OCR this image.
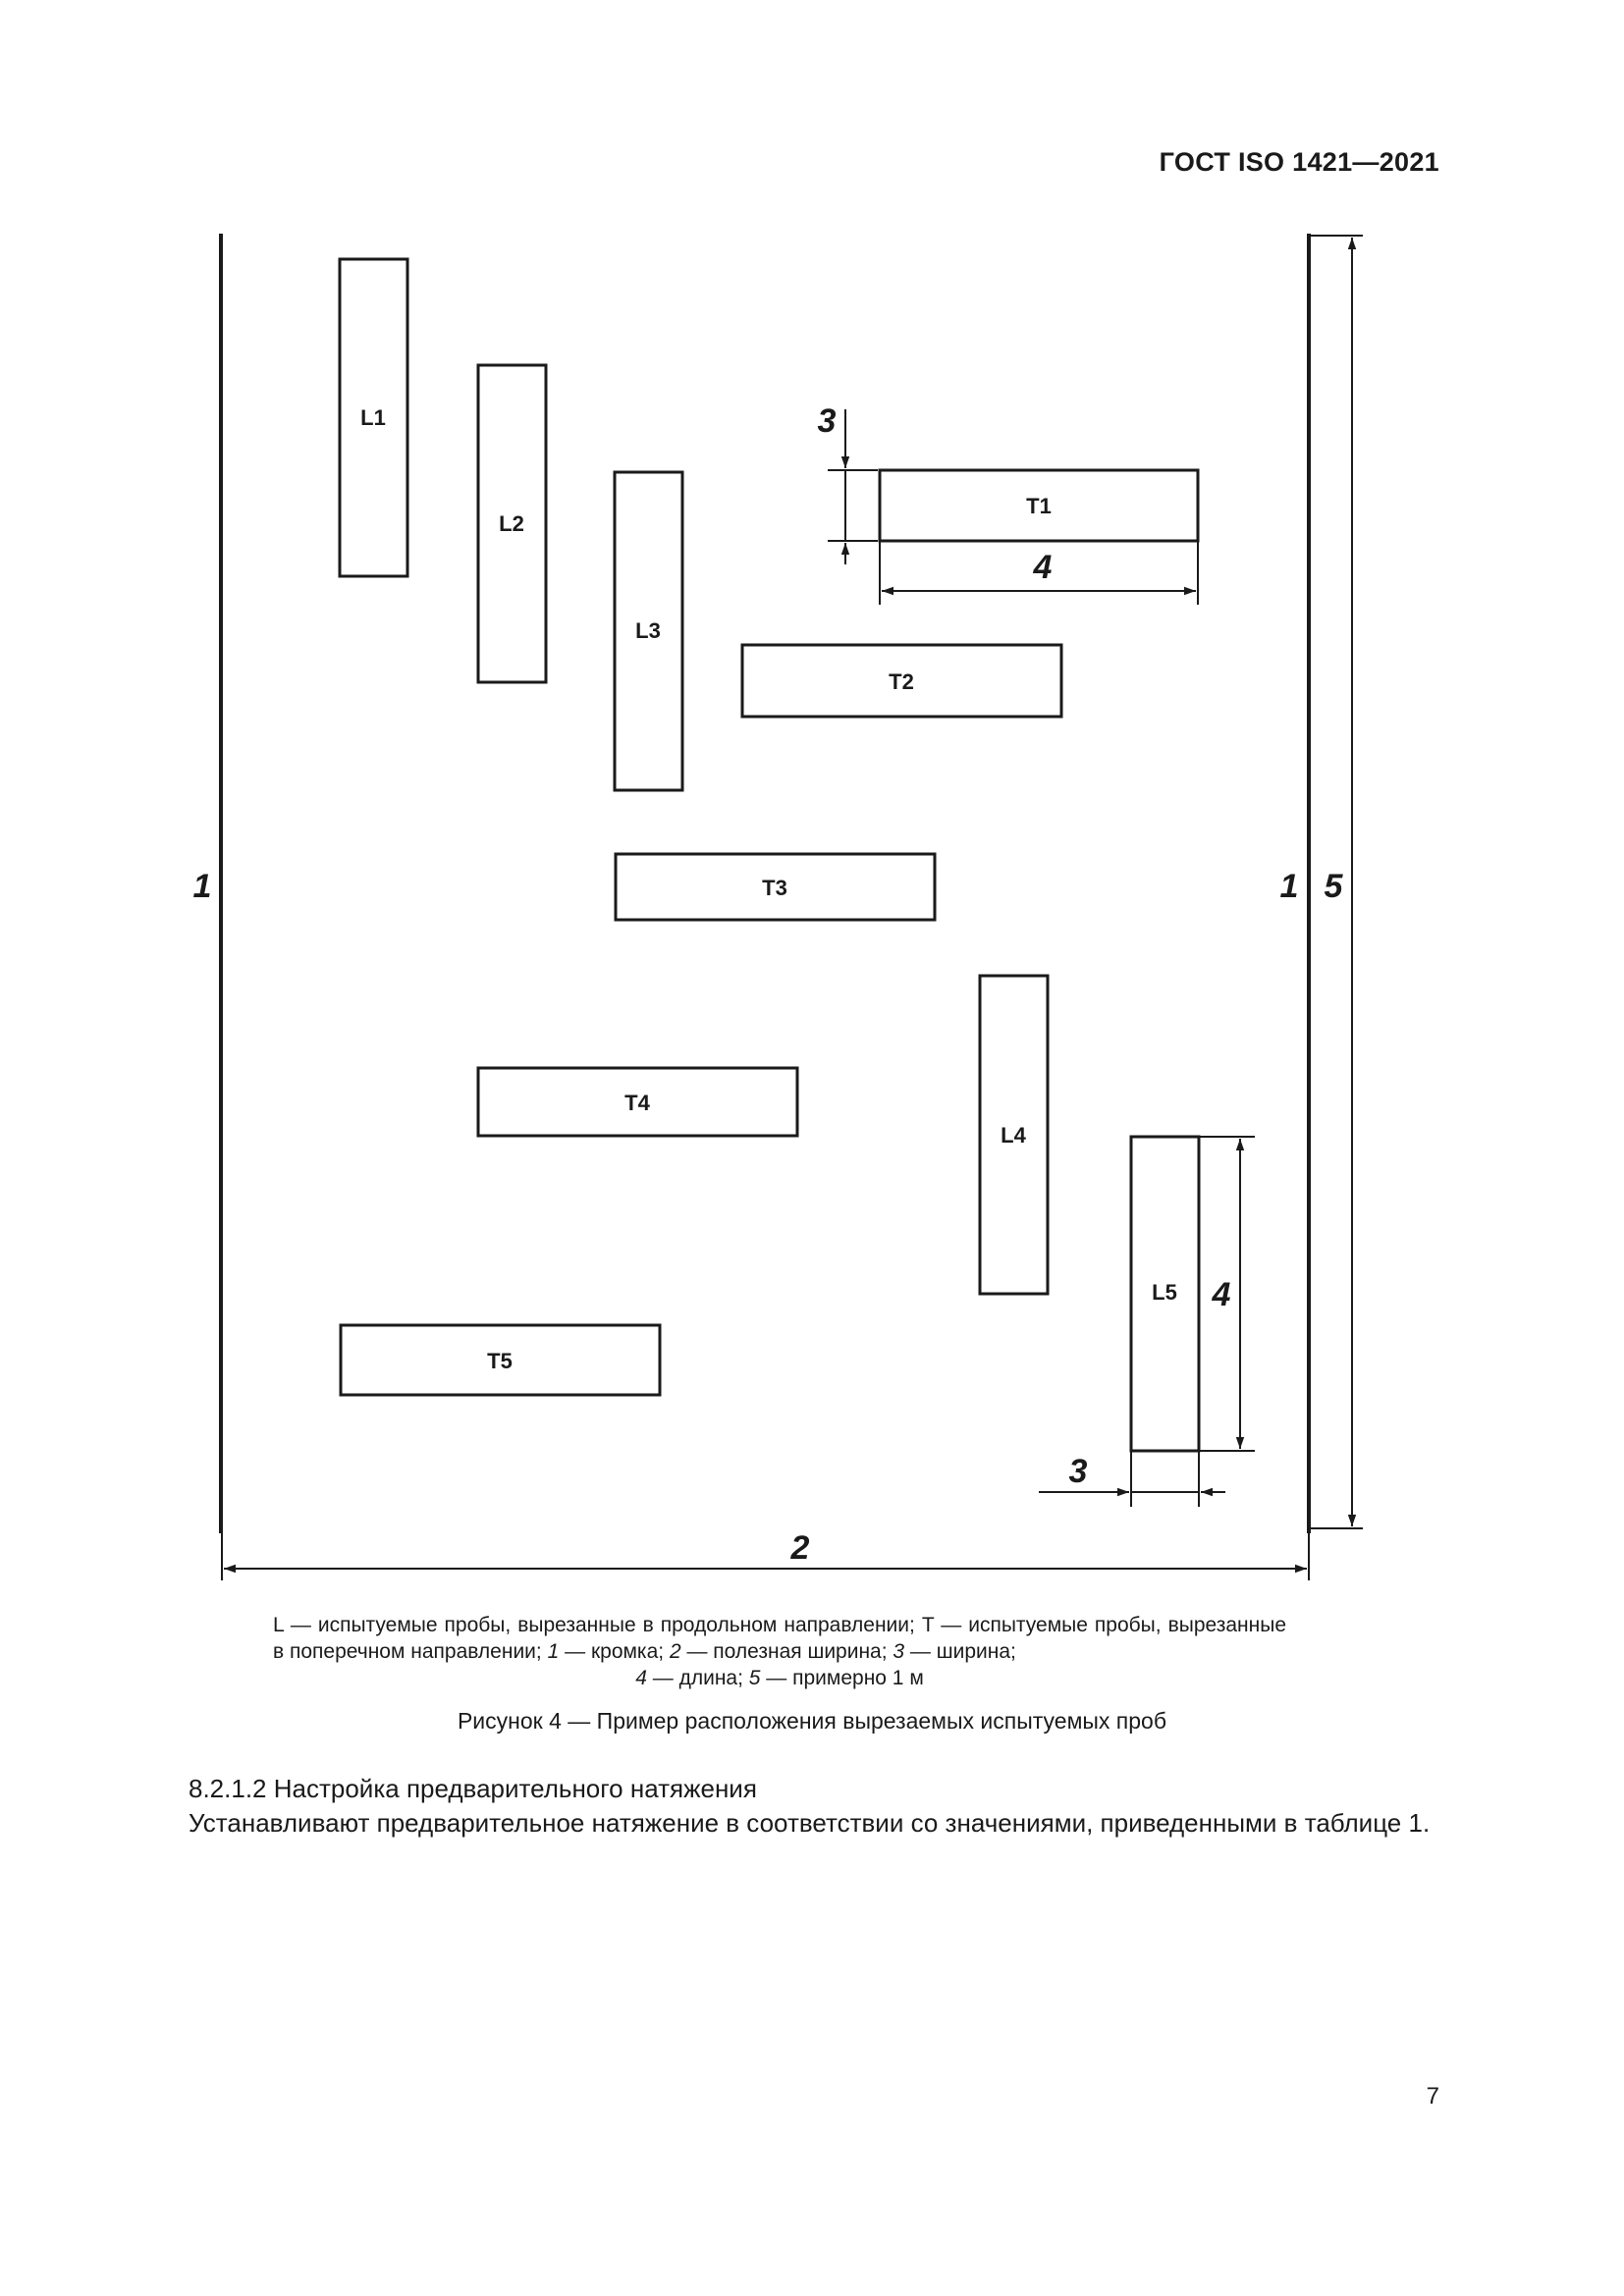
ГОСТ ISO 1421—2021
L1
L2
L3
L4
L5
T1
T2
T3
T4
T5
1	1 5
2
3
4
4
3
L — испытуемые пробы, вырезанные в продольном направлении; T — испытуемые пробы, вырезанные в поперечном направлении; 1 — кромка; 2 — полезная ширина; 3 — ширина;
4 — длина; 5 — примерно 1 м
Рисунок 4 — Пример расположения вырезаемых испытуемых проб
8.2.1.2 Настройка предварительного натяжения
Устанавливают предварительное натяжение в соответствии со значениями, приведенными в таблице 1.
7
